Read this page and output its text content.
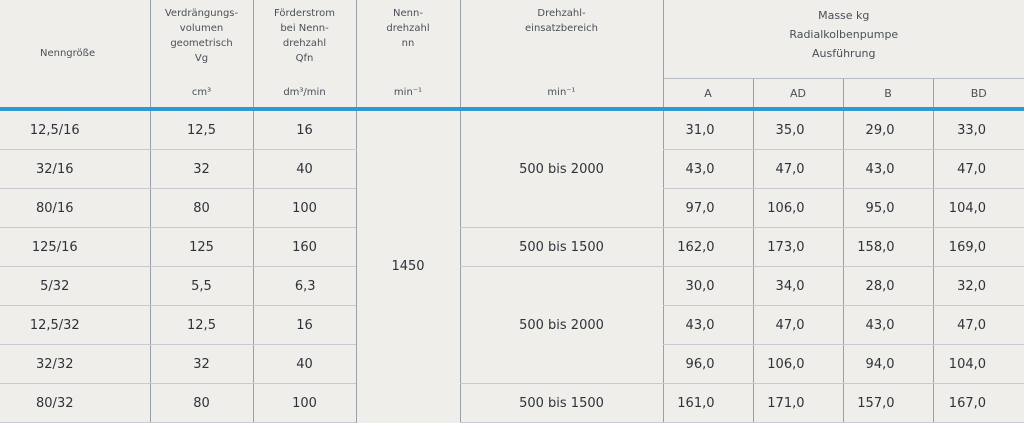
Nenngröße	Verdrängungs-
volumen
geometrisch
Vg	Förderstrom
bei Nenn-
drehzahl
Qfn	Nenn-
drehzahl
nn	Drehzahl-
einsatzbereich	Masse kg
Radialkolbenpumpe
Ausführung			
	cm³	dm³/min	min⁻¹	min⁻¹	A	AD	B	BD

12,5/16	12,5	16	1450	500 bis 2000	31,0	35,0	29,0	33,0
32/16	32	40			43,0	47,0	43,0	47,0
80/16	80	100			97,0	106,0	95,0	104,0
125/16	125	160		500 bis 1500	162,0	173,0	158,0	169,0
5/32	5,5	6,3		500 bis 2000	30,0	34,0	28,0	32,0
12,5/32	12,5	16			43,0	47,0	43,0	47,0
32/32	32	40			96,0	106,0	94,0	104,0
80/32	80	100		500 bis 1500	161,0	171,0	157,0	167,0
